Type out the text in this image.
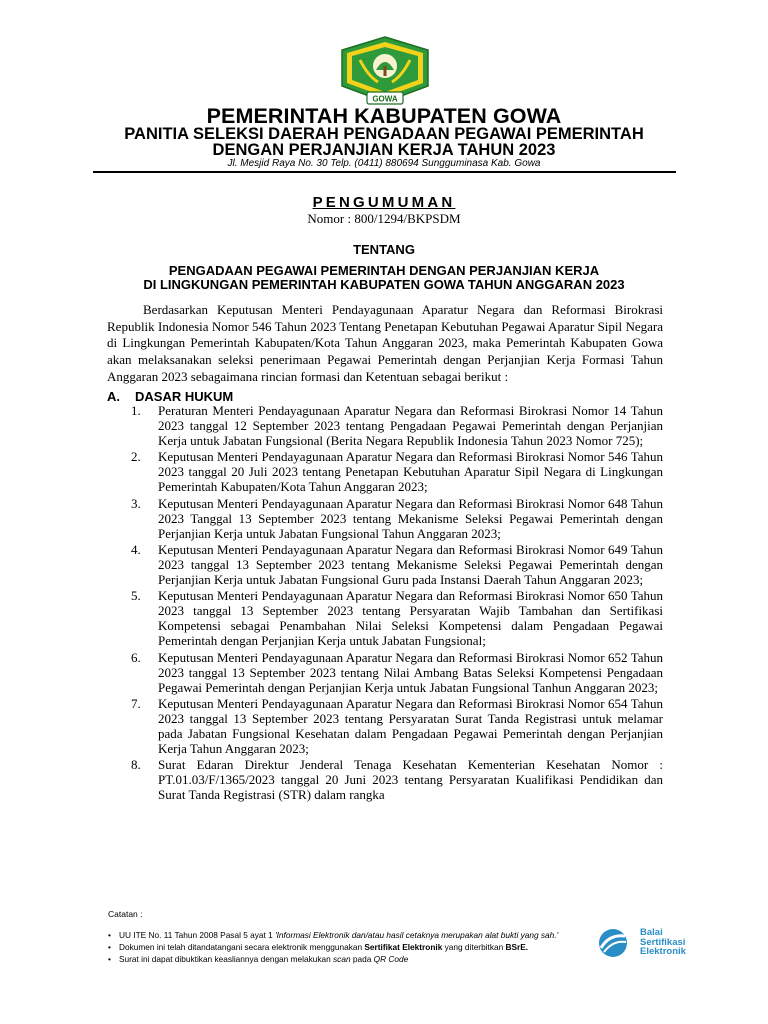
GOWA
PEMERINTAH KABUPATEN GOWA
PANITIA SELEKSI DAERAH PENGADAAN PEGAWAI PEMERINTAH
DENGAN PERJANJIAN KERJA TAHUN 2023
Jl. Mesjid Raya No. 30 Telp. (0411) 880694 Sungguminasa Kab. Gowa
PENGUMUMAN
Nomor : 800/1294/BKPSDM
TENTANG
PENGADAAN PEGAWAI PEMERINTAH DENGAN PERJANJIAN KERJA
DI LINGKUNGAN PEMERINTAH KABUPATEN GOWA TAHUN ANGGARAN 2023
Berdasarkan Keputusan Menteri Pendayagunaan Aparatur Negara dan Reformasi Birokrasi Republik Indonesia Nomor 546 Tahun 2023 Tentang Penetapan Kebutuhan Pegawai Aparatur Sipil Negara di Lingkungan Pemerintah Kabupaten/Kota Tahun Anggaran 2023, maka Pemerintah Kabupaten Gowa akan melaksanakan seleksi penerimaan Pegawai Pemerintah dengan Perjanjian Kerja Formasi Tahun Anggaran 2023 sebagaimana rincian formasi dan Ketentuan sebagai berikut :
A. DASAR HUKUM
1. Peraturan Menteri Pendayagunaan Aparatur Negara dan Reformasi Birokrasi Nomor 14 Tahun 2023 tanggal 12 September 2023 tentang Pengadaan Pegawai Pemerintah dengan Perjanjian Kerja untuk Jabatan Fungsional (Berita Negara Republik Indonesia Tahun 2023 Nomor 725);
2. Keputusan Menteri Pendayagunaan Aparatur Negara dan Reformasi Birokrasi Nomor 546 Tahun 2023 tanggal 20 Juli 2023 tentang Penetapan Kebutuhan Aparatur Sipil Negara di Lingkungan Pemerintah Kabupaten/Kota Tahun Anggaran 2023;
3. Keputusan Menteri Pendayagunaan Aparatur Negara dan Reformasi Birokrasi Nomor 648 Tahun 2023 Tanggal 13 September 2023 tentang Mekanisme Seleksi Pegawai Pemerintah dengan Perjanjian Kerja untuk Jabatan Fungsional Tahun Anggaran 2023;
4. Keputusan Menteri Pendayagunaan Aparatur Negara dan Reformasi Birokrasi Nomor 649 Tahun 2023 tanggal 13 September 2023 tentang Mekanisme Seleksi Pegawai Pemerintah dengan Perjanjian Kerja untuk Jabatan Fungsional Guru pada Instansi Daerah Tahun Anggaran 2023;
5. Keputusan Menteri Pendayagunaan Aparatur Negara dan Reformasi Birokrasi Nomor 650 Tahun 2023 tanggal 13 September 2023 tentang Persyaratan Wajib Tambahan dan Sertifikasi Kompetensi sebagai Penambahan Nilai Seleksi Kompetensi dalam Pengadaan Pegawai Pemerintah dengan Perjanjian Kerja untuk Jabatan Fungsional;
6. Keputusan Menteri Pendayagunaan Aparatur Negara dan Reformasi Birokrasi Nomor 652 Tahun 2023 tanggal 13 September 2023 tentang Nilai Ambang Batas Seleksi Kompetensi Pengadaan Pegawai Pemerintah dengan Perjanjian Kerja untuk Jabatan Fungsional Tanhun Anggaran 2023;
7. Keputusan Menteri Pendayagunaan Aparatur Negara dan Reformasi Birokrasi Nomor 654 Tahun 2023 tanggal 13 September 2023 tentang Persyaratan Surat Tanda Registrasi untuk melamar pada Jabatan Fungsional Kesehatan dalam Pengadaan Pegawai Pemerintah dengan Perjanjian Kerja Tahun Anggaran 2023;
8. Surat Edaran Direktur Jenderal Tenaga Kesehatan Kementerian Kesehatan Nomor : PT.01.03/F/1365/2023 tanggal 20 Juni 2023 tentang Persyaratan Kualifikasi Pendidikan dan Surat Tanda Registrasi (STR) dalam rangka
Catatan :
• UU ITE No. 11 Tahun 2008 Pasal 5 ayat 1 'Informasi Elektronik dan/atau hasil cetaknya merupakan alat bukti yang sah.'
• Dokumen ini telah ditandatangani secara elektronik menggunakan Sertifikat Elektronik yang diterbitkan BSrE.
• Surat ini dapat dibuktikan keasliannya dengan melakukan scan pada QR Code
Balai
Sertifikasi
Elektronik
